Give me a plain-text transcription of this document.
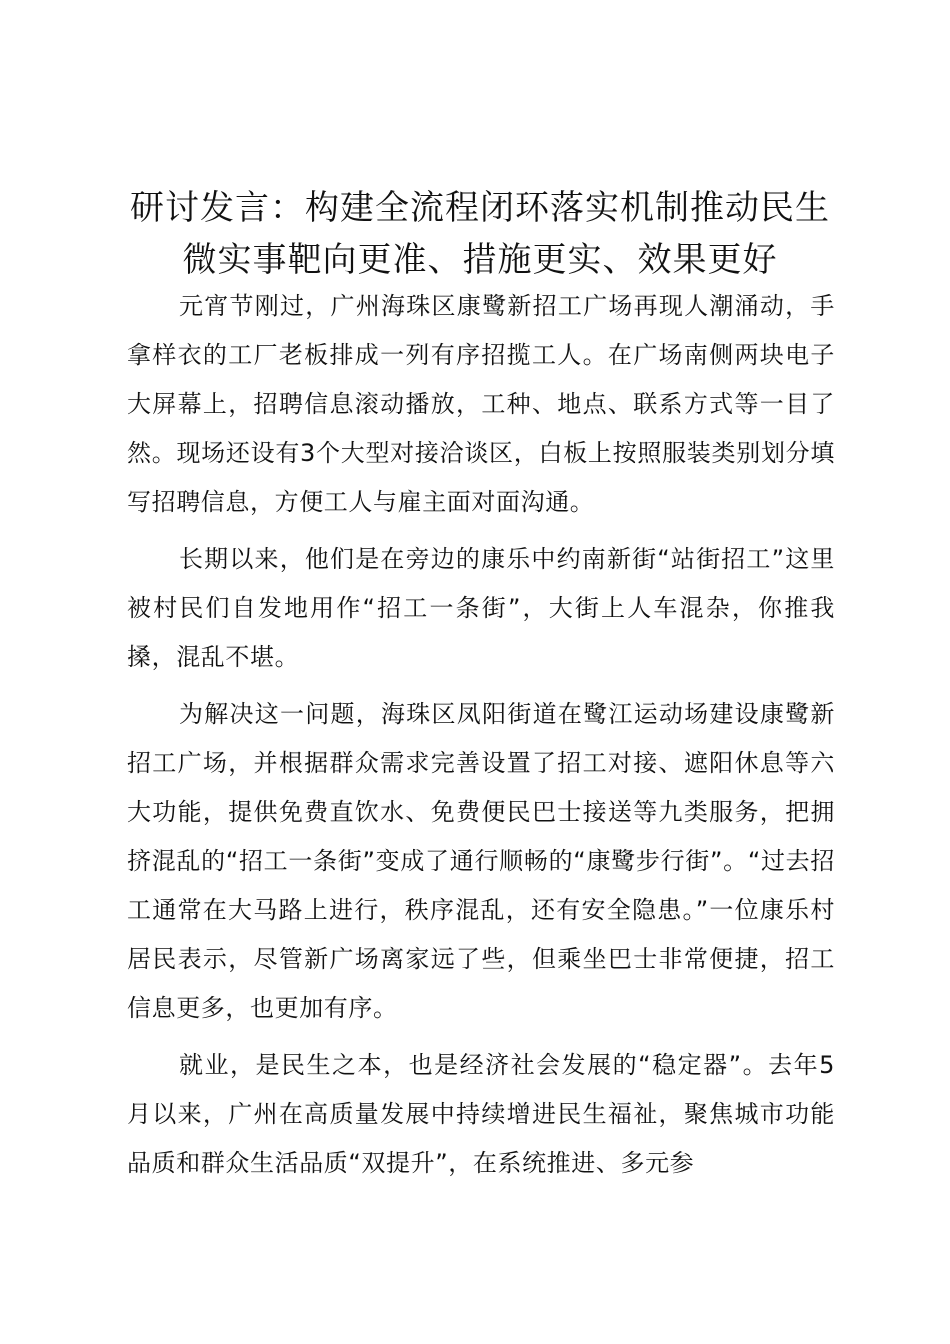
研讨发言：构建全流程闭环落实机制推动民生
微实事靶向更准、措施更实、效果更好

元宵节刚过，广州海珠区康鹭新招工广场再现人潮涌动，手拿样衣的工厂老板排成一列有序招揽工人。在广场南侧两块电子大屏幕上，招聘信息滚动播放，工种、地点、联系方式等一目了然。现场还设有3个大型对接洽谈区，白板上按照服装类别划分填写招聘信息，方便工人与雇主面对面沟通。

长期以来，他们是在旁边的康乐中约南新街“站街招工”这里被村民们自发地用作“招工一条街”，大街上人车混杂，你推我搡，混乱不堪。

为解决这一问题，海珠区凤阳街道在鹭江运动场建设康鹭新招工广场，并根据群众需求完善设置了招工对接、遮阳休息等六大功能，提供免费直饮水、免费便民巴士接送等九类服务，把拥挤混乱的“招工一条街”变成了通行顺畅的“康鹭步行街”。“过去招工通常在大马路上进行，秩序混乱，还有安全隐患。”一位康乐村居民表示，尽管新广场离家远了些，但乘坐巴士非常便捷，招工信息更多，也更加有序。

就业，是民生之本，也是经济社会发展的“稳定器”。去年5月以来，广州在高质量发展中持续增进民生福祉，聚焦城市功能品质和群众生活品质“双提升”，在系统推进、多元参
